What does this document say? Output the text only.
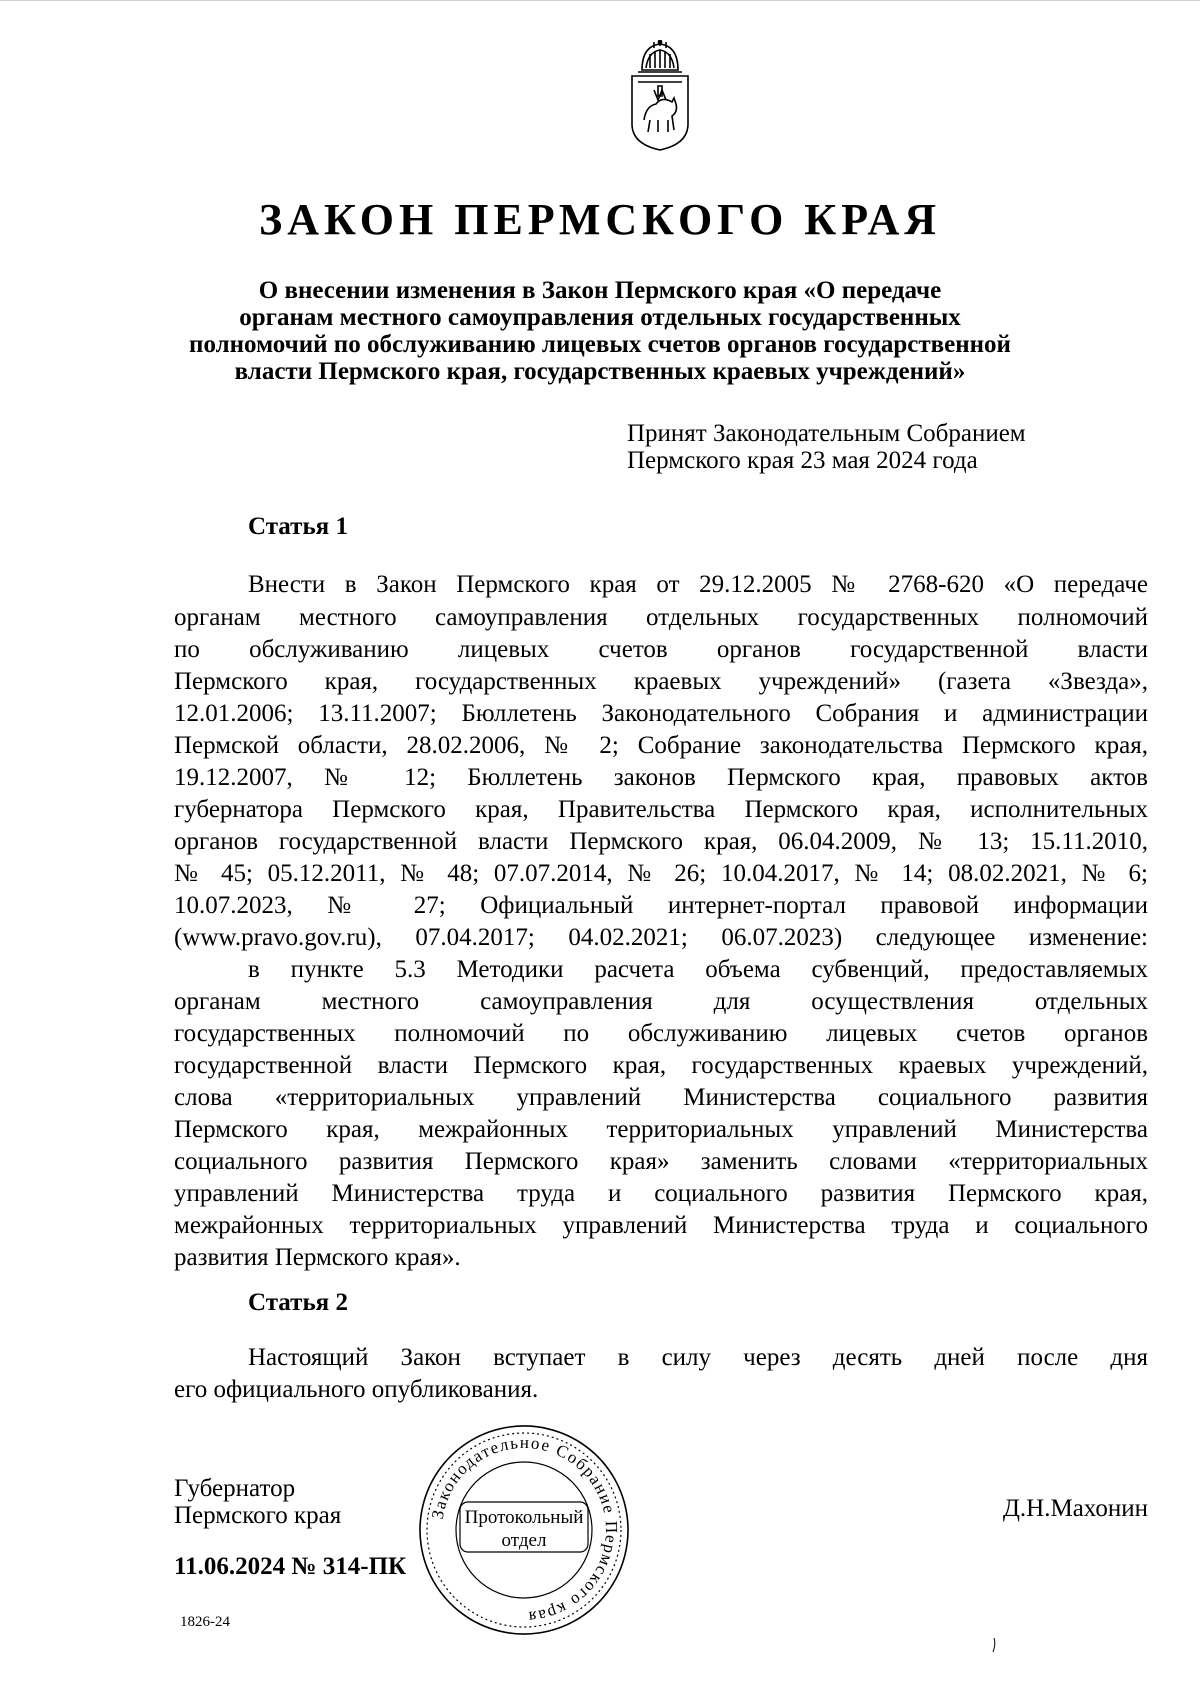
ЗАКОН ПЕРМСКОГО КРАЯ
О внесении изменения в Закон Пермского края «О передаче
органам местного самоуправления отдельных государственных
полномочий по обслуживанию лицевых счетов органов государственной
власти Пермского края, государственных краевых учреждений»
Принят Законодательным Собранием
Пермского края 23 мая 2024 года
Статья 1
Внести в Закон Пермского края от 29.12.2005 № 2768-620 «О передаче
органам местного самоуправления отдельных государственных полномочий
по обслуживанию лицевых счетов органов государственной власти
Пермского края, государственных краевых учреждений» (газета «Звезда»,
12.01.2006; 13.11.2007; Бюллетень Законодательного Собрания и администрации
Пермской области, 28.02.2006, № 2; Собрание законодательства Пермского края,
19.12.2007, № 12; Бюллетень законов Пермского края, правовых актов
губернатора Пермского края, Правительства Пермского края, исполнительных
органов государственной власти Пермского края, 06.04.2009, № 13; 15.11.2010,
№ 45; 05.12.2011, № 48; 07.07.2014, № 26; 10.04.2017, № 14; 08.02.2021, № 6;
10.07.2023, № 27; Официальный интернет-портал правовой информации
(www.pravo.gov.ru), 07.04.2017; 04.02.2021; 06.07.2023) следующее изменение:
в пункте 5.3 Методики расчета объема субвенций, предоставляемых
органам местного самоуправления для осуществления отдельных
государственных полномочий по обслуживанию лицевых счетов органов
государственной власти Пермского края, государственных краевых учреждений,
слова «территориальных управлений Министерства социального развития
Пермского края, межрайонных территориальных управлений Министерства
социального развития Пермского края» заменить словами «территориальных
управлений Министерства труда и социального развития Пермского края,
межрайонных территориальных управлений Министерства труда и социального
развития Пермского края».
Статья 2
Настоящий Закон вступает в силу через десять дней после дня
его официального опубликования.
Губернатор
Пермского края	Д.Н.Махонин
11.06.2024 № 314-ПК
1826-24
Законодательное Собрание Пермского края
Протокольный
отдел
